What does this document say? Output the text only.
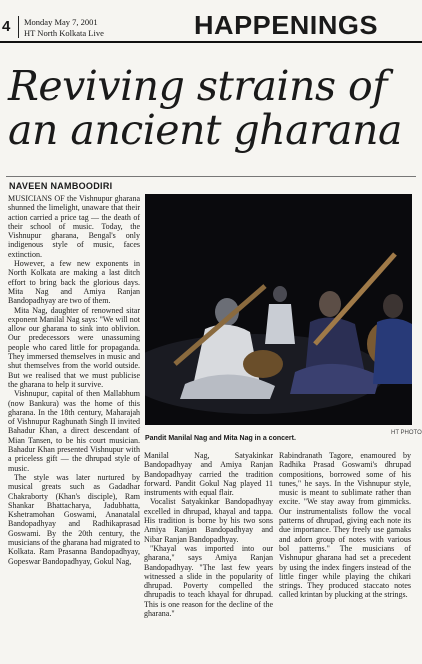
4 Monday May 7, 2001
HT North Kolkata Live	HAPPENINGS
Reviving strains of an ancient gharana
NAVEEN NAMBOODIRI

MUSICIANS OF the Vishnupur gharana shunned the limelight, unaware that their action carried a price tag — the death of their school of music. Today, the Vishnupur gharana, Bengal's only indigenous style of music, faces extinction.

However, a few new exponents in North Kolkata are making a last ditch effort to bring back the glorious days. Mita Nag and Amiya Ranjan Bandopadhyay are two of them.

Mita Nag, daughter of renowned sitar exponent Manilal Nag says: "We will not allow our gharana to sink into oblivion. Our predecessors were unassuming people who cared little for propaganda. They immersed themselves in music and shut themselves from the world outside. But we realised that we must publicise the gharana to help it survive.

Vishnupur, capital of then Mallabhum (now Bankura) was the home of this gharana. In the 18th century, Maharajah of Vishnupur Raghunath Singh II invited Bahadur Khan, a direct descendant of Mian Tansen, to be his court musician. Bahadur Khan presented Vishnupur with a priceless gift — the dhrupad style of music.

The style was later nurtured by musical greats such as Gadadhar Chakraborty (Khan's disciple), Ram Shankar Bhattacharya, Jadubhatta, Kshetramohan Goswami, Ananatalal Bandopadhyay and Radhikaprasad Goswami. By the 20th century, the musicians of the gharana had migrated to Kolkata. Ram Prasanna Bandopadhyay, Gopeswar Bandopadhyay, Gokul Nag,

HT PHOTO
Pandit Manilal Nag and Mita Nag in a concert.

Manilal Nag, Satyakinkar Bandopadhyay and Amiya Ranjan Bandopadhyay carried the tradition forward. Pandit Gokul Nag played 11 instruments with equal flair.

Vocalist Satyakinkar Bandopadhyay excelled in dhrupad, khayal and tappa. His tradition is borne by his two sons Amiya Ranjan Bandopadhyay and Nibar Ranjan Bandopadhyay.

"Khayal was imported into our gharana," says Amiya Ranjan Bandopadhyay. "The last few years witnessed a slide in the popularity of dhrupad. Poverty compelled the dhrupadis to teach khayal for dhrupad. This is one reason for the decline of the gharana."

Rabindranath Tagore, enamoured by Radhika Prasad Goswami's dhrupad compositions, borrowed some of his tunes," he says. In the Vishnupur style, music is meant to sublimate rather than excite. "We stay away from gimmicks. Our instrumentalists follow the vocal patterns of dhrupad, giving each note its due importance. They freely use gamaks and adorn group of notes with various bol patterns." The musicians of Vishnupur gharana had set a precedent by using the index fingers instead of the little finger while playing the chikari strings. They produced staccato notes called krintan by plucking at the strings.
